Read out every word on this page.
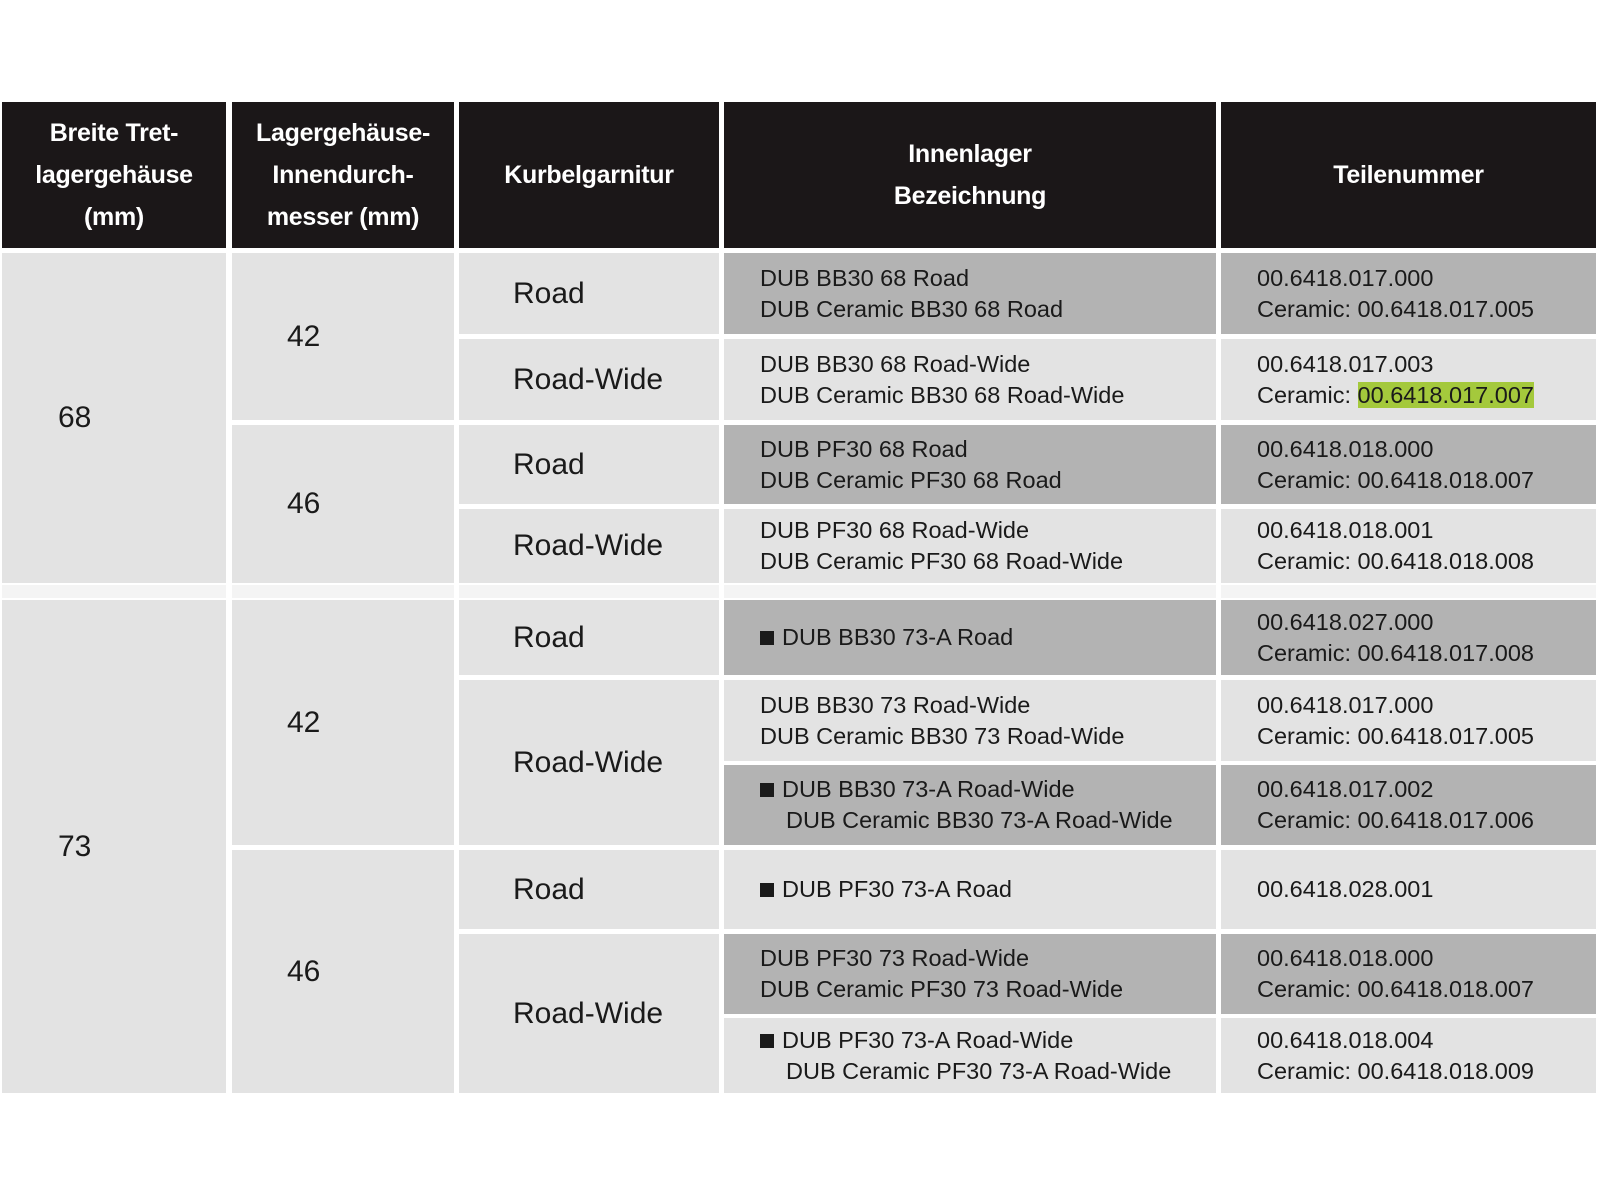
Breite Tret-
lagergehäuse
(mm)
Lagergehäuse-
Innendurch-
messer (mm)
Kurbelgarnitur
Innenlager
Bezeichnung
Teilenummer
DUB BB30 68 Road
DUB Ceramic BB30 68 Road
00.6418.017.000
Ceramic: 00.6418.017.005
Road
DUB BB30 68 Road-Wide
DUB Ceramic BB30 68 Road-Wide
00.6418.017.003
Ceramic: 00.6418.017.007
Road-Wide
42
DUB PF30 68 Road
DUB Ceramic PF30 68 Road
00.6418.018.000
Ceramic: 00.6418.018.007
Road
DUB PF30 68 Road-Wide
DUB Ceramic PF30 68 Road-Wide
00.6418.018.001
Ceramic: 00.6418.018.008
Road-Wide
46
68
DUB BB30 73-A Road
00.6418.027.000
Ceramic: 00.6418.017.008
Road
DUB BB30 73 Road-Wide
DUB Ceramic BB30 73 Road-Wide
00.6418.017.000
Ceramic: 00.6418.017.005
DUB BB30 73-A Road-Wide
DUB Ceramic BB30 73-A Road-Wide
00.6418.017.002
Ceramic: 00.6418.017.006
Road-Wide
42
DUB PF30 73-A Road	00.6418.028.001
Road
DUB PF30 73 Road-Wide
DUB Ceramic PF30 73 Road-Wide
00.6418.018.000
Ceramic: 00.6418.018.007
DUB PF30 73-A Road-Wide
DUB Ceramic PF30 73-A Road-Wide
00.6418.018.004
Ceramic: 00.6418.018.009
Road-Wide
46
73
